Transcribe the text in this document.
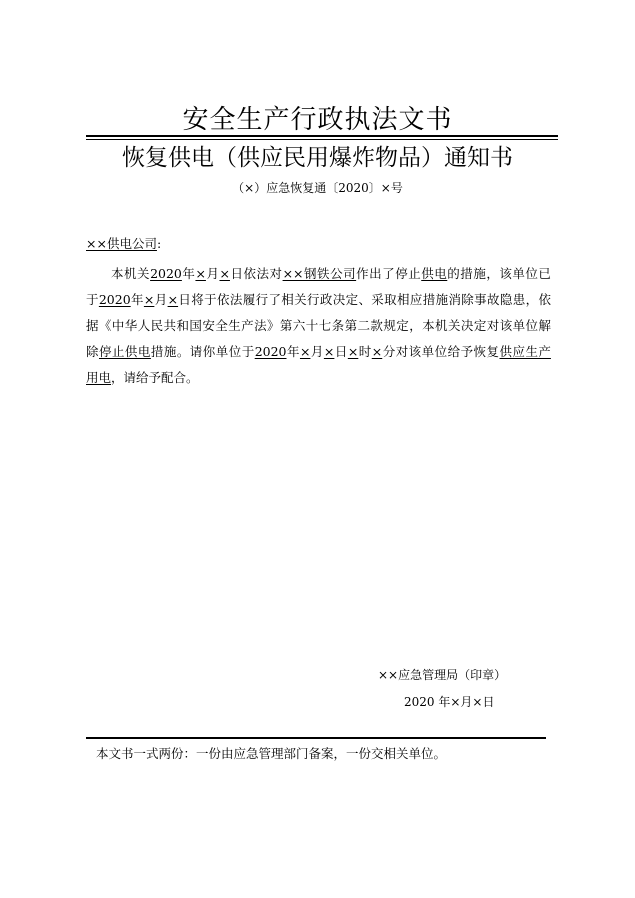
安全生产行政执法文书
恢复供电（供应民用爆炸物品）通知书
（×）应急恢复通〔2020〕×号
××供电公司:
本机关2020年×月×日依法对××钢铁公司作出了停止供电的措施，该单位已
于2020年×月×日将于依法履行了相关行政决定、采取相应措施消除事故隐患，依
据《中华人民共和国安全生产法》第六十七条第二款规定，本机关决定对该单位解
除停止供电措施。请你单位于2020年×月×日×时×分对该单位给予恢复供应生产
用电，请给予配合。
××应急管理局（印章）
2020 年×月×日
本文书一式两份：一份由应急管理部门备案，一份交相关单位。
